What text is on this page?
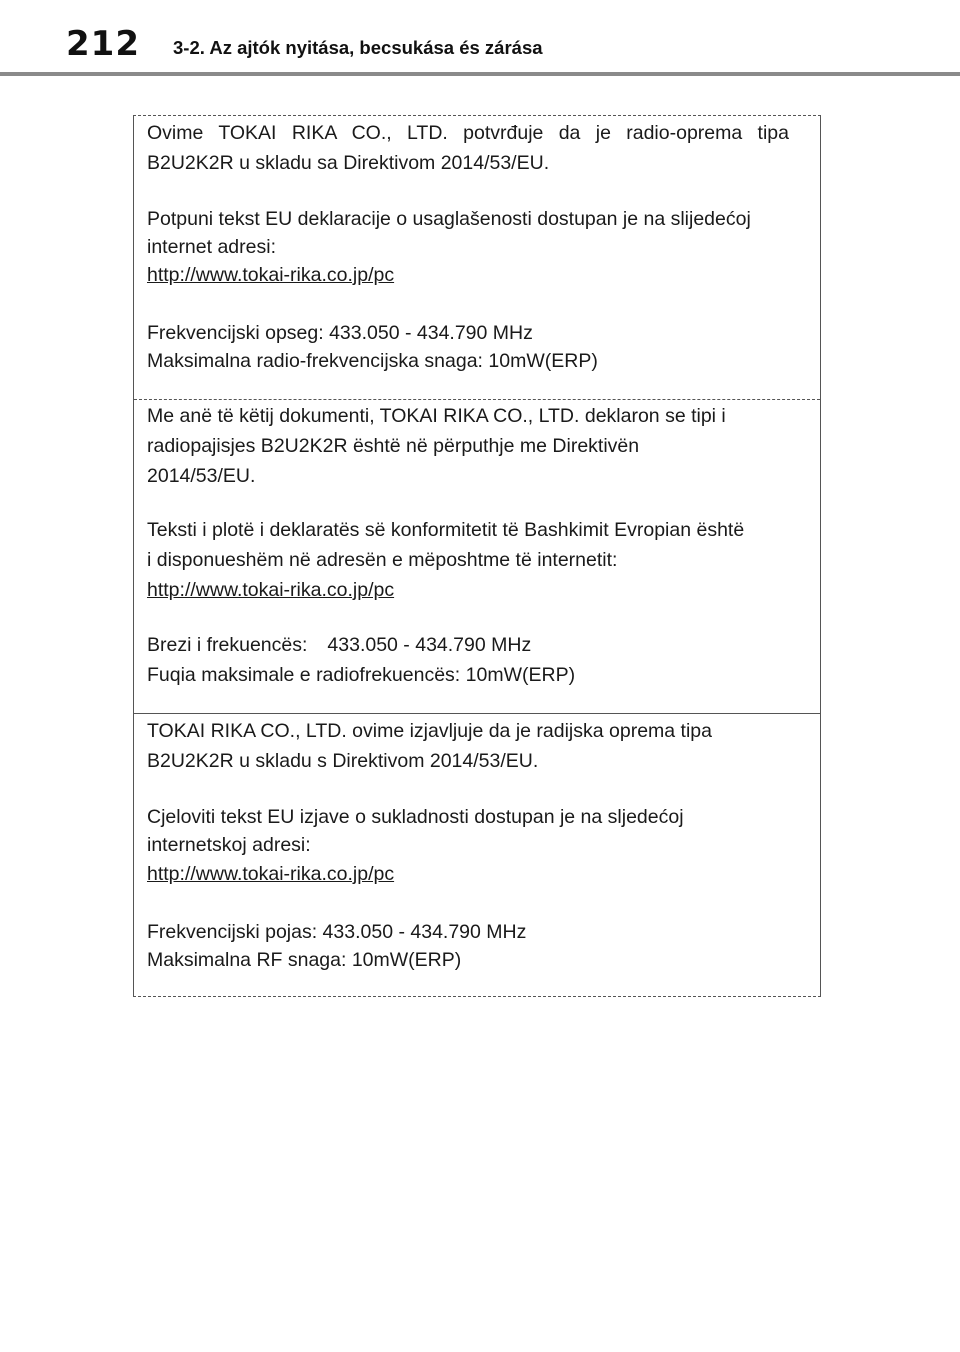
212 3-2. Az ajtók nyitása, becsukása és zárása
Ovime TOKAI RIKA CO., LTD. potvrđuje da je radio-oprema tipa
B2U2K2R u skladu sa Direktivom 2014/53/EU.
Potpuni tekst EU deklaracije o usaglašenosti dostupan je na slijedećoj
internet adresi:
http://www.tokai-rika.co.jp/pc
Frekvencijski opseg: 433.050 - 434.790 MHz
Maksimalna radio-frekvencijska snaga: 10mW(ERP)
Me anë të këtij dokumenti, TOKAI RIKA CO., LTD. deklaron se tipi i
radiopajisjes B2U2K2R është në përputhje me Direktivën
2014/53/EU.
Teksti i plotë i deklaratës së konformitetit të Bashkimit Evropian është
i disponueshëm në adresën e mëposhtme të internetit:
http://www.tokai-rika.co.jp/pc
Brezi i frekuencës: 433.050 - 434.790 MHz
Fuqia maksimale e radiofrekuencës: 10mW(ERP)
TOKAI RIKA CO., LTD. ovime izjavljuje da je radijska oprema tipa
B2U2K2R u skladu s Direktivom 2014/53/EU.
Cjeloviti tekst EU izjave o sukladnosti dostupan je na sljedećoj
internetskoj adresi:
http://www.tokai-rika.co.jp/pc
Frekvencijski pojas: 433.050 - 434.790 MHz
Maksimalna RF snaga: 10mW(ERP)
